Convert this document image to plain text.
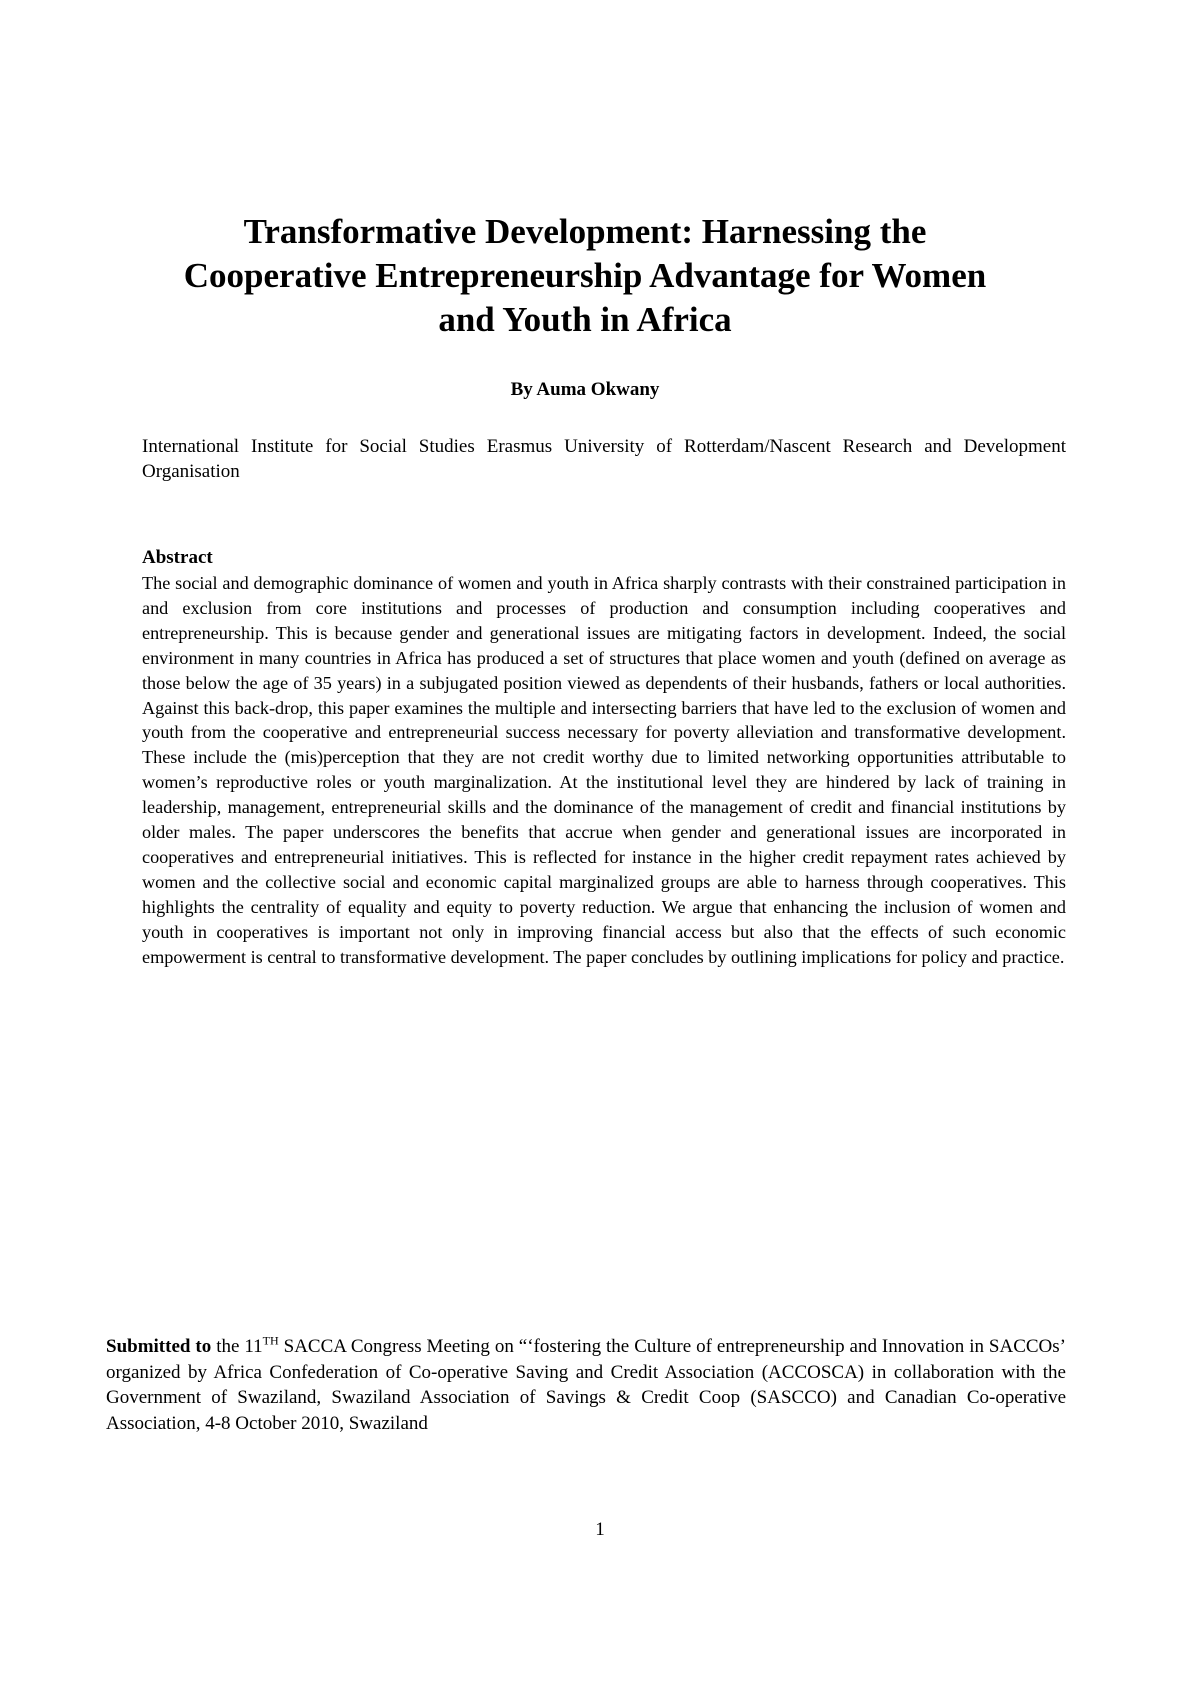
Transformative Development: Harnessing the
Cooperative Entrepreneurship Advantage for Women
and Youth in Africa
By Auma Okwany
International Institute for Social Studies Erasmus University of Rotterdam/Nascent Research and Development Organisation
Abstract
The social and demographic dominance of women and youth in Africa sharply contrasts with their constrained participation in and exclusion from core institutions and processes of production and consumption including cooperatives and entrepreneurship. This is because gender and generational issues are mitigating factors in development. Indeed, the social environment in many countries in Africa has produced a set of structures that place women and youth (defined on average as those below the age of 35 years) in a subjugated position viewed as dependents of their husbands, fathers or local authorities. Against this back-drop, this paper examines the multiple and intersecting barriers that have led to the exclusion of women and youth from the cooperative and entrepreneurial success necessary for poverty alleviation and transformative development. These include the (mis)perception that they are not credit worthy due to limited networking opportunities attributable to women’s reproductive roles or youth marginalization. At the institutional level they are hindered by lack of training in leadership, management, entrepreneurial skills and the dominance of the management of credit and financial institutions by older males. The paper underscores the benefits that accrue when gender and generational issues are incorporated in cooperatives and entrepreneurial initiatives. This is reflected for instance in the higher credit repayment rates achieved by women and the collective social and economic capital marginalized groups are able to harness through cooperatives. This highlights the centrality of equality and equity to poverty reduction. We argue that enhancing the inclusion of women and youth in cooperatives is important not only in improving financial access but also that the effects of such economic empowerment is central to transformative development. The paper concludes by outlining implications for policy and practice.
Submitted to the 11TH SACCA Congress Meeting on “‘fostering the Culture of entrepreneurship and Innovation in SACCOs’ organized by Africa Confederation of Co-operative Saving and Credit Association (ACCOSCA) in collaboration with the Government of Swaziland, Swaziland Association of Savings & Credit Coop (SASCCO) and Canadian Co-operative Association, 4-8 October 2010, Swaziland
1
